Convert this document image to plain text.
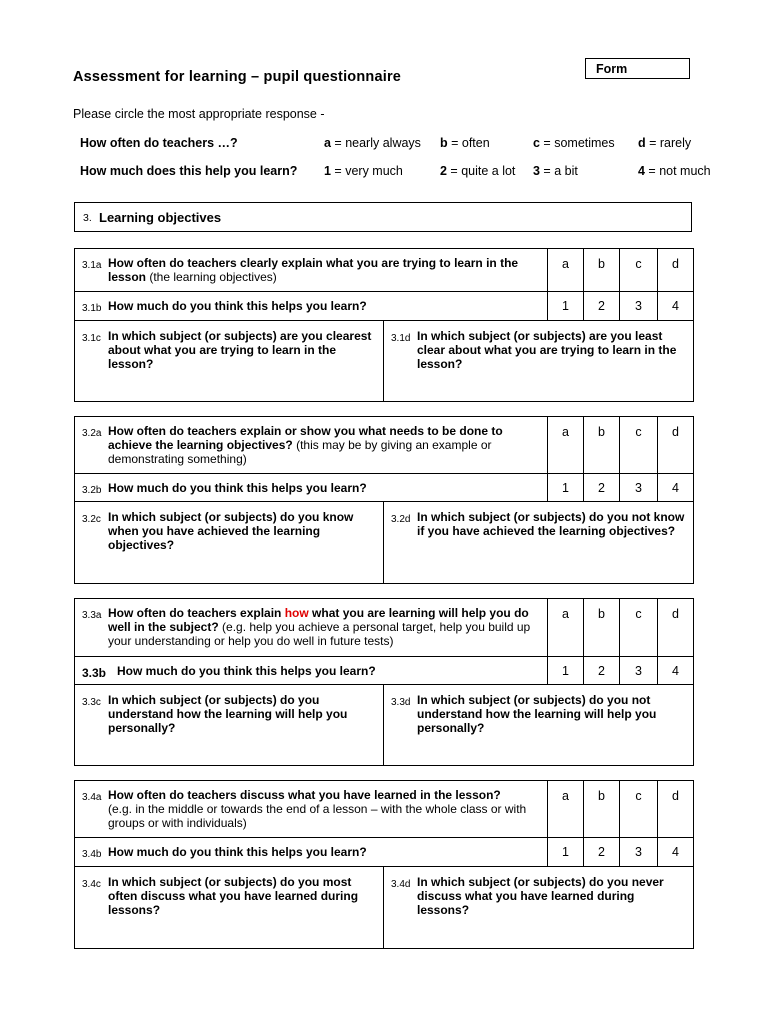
Assessment for learning – pupil questionnaire	Form
Please circle the most appropriate response -
How often do teachers …?	a = nearly always b = often	c = sometimes d = rarely
How much does this help you learn? 1 = very much	2 = quite a lot 3 = a bit	4 = not much
3. Learning objectives
3.1a How often do teachers clearly explain what you are trying to learn in the lesson (the learning objectives)		a	b	c	d

3.1b How much do you think this helps you learn?		1	2	3	4

3.1c In which subject (or subjects) are you clearest about what you are trying to learn in the lesson?	3.1d In which subject (or subjects) are you least clear about what you are trying to learn in the lesson?				
3.2a How often do teachers explain or show you what needs to be done to achieve the learning objectives? (this may be by giving an example or demonstrating something)		a	b	c	d

3.2b How much do you think this helps you learn?		1	2	3	4

3.2c In which subject (or subjects) do you know when you have achieved the learning objectives?	3.2d In which subject (or subjects) do you not know if you have achieved the learning objectives?				
3.3a How often do teachers explain how what you are learning will help you do well in the subject? (e.g. help you achieve a personal target, help you build up your understanding or help you do well in future tests)		a	b	c	d

3.3b How much do you think this helps you learn?		1	2	3	4

3.3c In which subject (or subjects) do you understand how the learning will help you personally?	3.3d In which subject (or subjects) do you not understand how the learning will help you personally?				
3.4a How often do teachers discuss what you have learned in the lesson?
(e.g. in the middle or towards the end of a lesson – with the whole class or with groups or with individuals)		a	b	c	d

3.4b How much do you think this helps you learn?		1	2	3	4

3.4c In which subject (or subjects) do you most often discuss what you have learned during lessons?	3.4d In which subject (or subjects) do you never discuss what you have learned during lessons?				
